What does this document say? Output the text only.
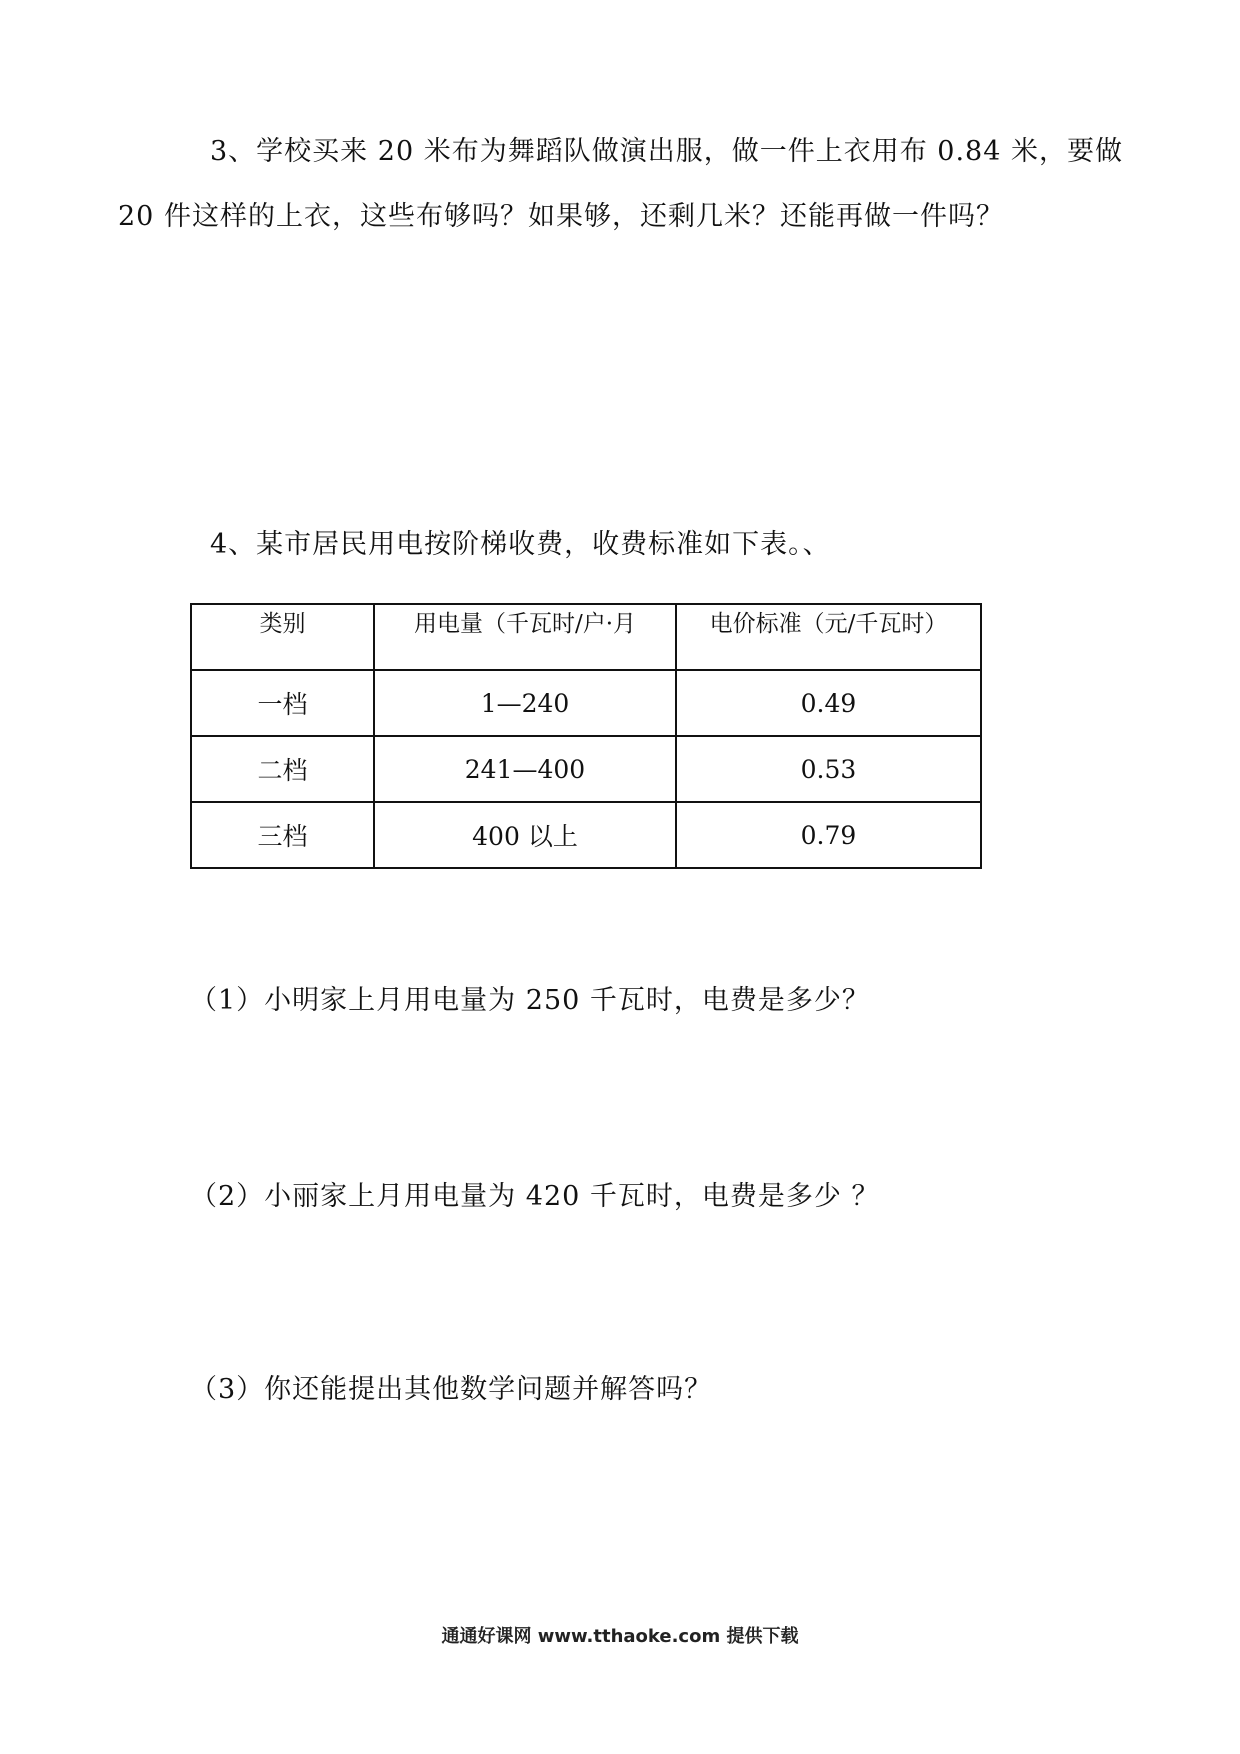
3、学校买来 20 米布为舞蹈队做演出服，做一件上衣用布 0.84 米，要做

20 件这样的上衣，这些布够吗？如果够，还剩几米？还能再做一件吗？

4、某市居民用电按阶梯收费，收费标准如下表。、

类别	用电量（千瓦时/户·月	电价标准（元/千瓦时）
一档	1—240	0.49
二档	241—400	0.53
三档	400 以上	0.79

（1）小明家上月用电量为 250 千瓦时，电费是多少？

（2）小丽家上月用电量为 420 千瓦时，电费是多少 ？

（3）你还能提出其他数学问题并解答吗？

通通好课网 www.tthaoke.com 提供下载
